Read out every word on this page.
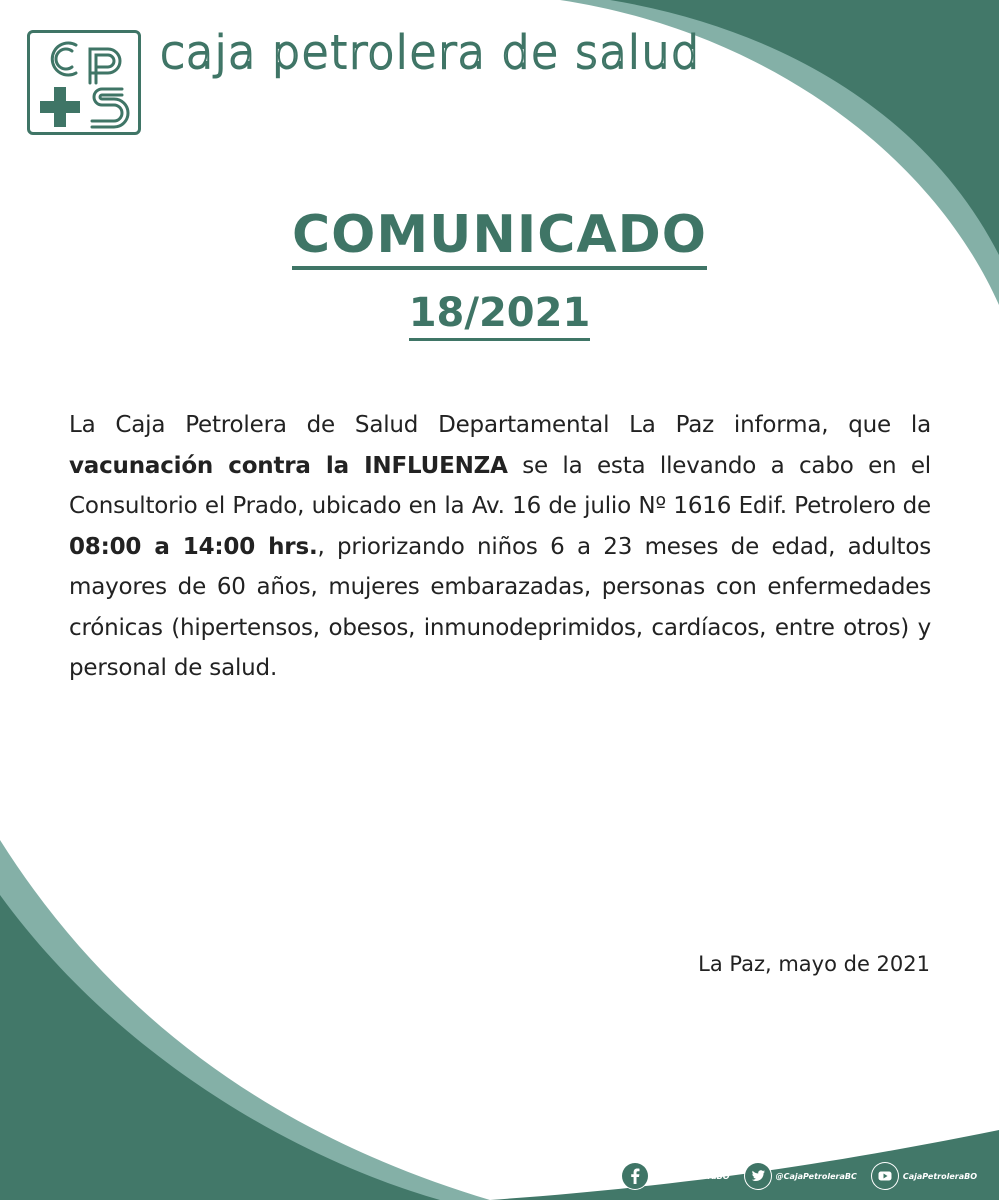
caja petrolera de salud
COMUNICADO
18/2021
La Caja Petrolera de Salud Departamental La Paz informa, que la vacunación contra la INFLUENZA se la esta llevando a cabo en el Consultorio el Prado, ubicado en la Av. 16 de julio Nº 1616 Edif. Petrolero de 08:00 a 14:00 hrs., priorizando niños 6 a 23 meses de edad, adultos mayores de 60 años, mujeres embarazadas, personas con enfermedades crónicas (hipertensos, obesos, inmunodeprimidos, cardíacos, entre otros) y personal de salud.
La Paz, mayo de 2021
/CajaPetroleraBO	@CajaPetroleraBC	CajaPetroleraBO
